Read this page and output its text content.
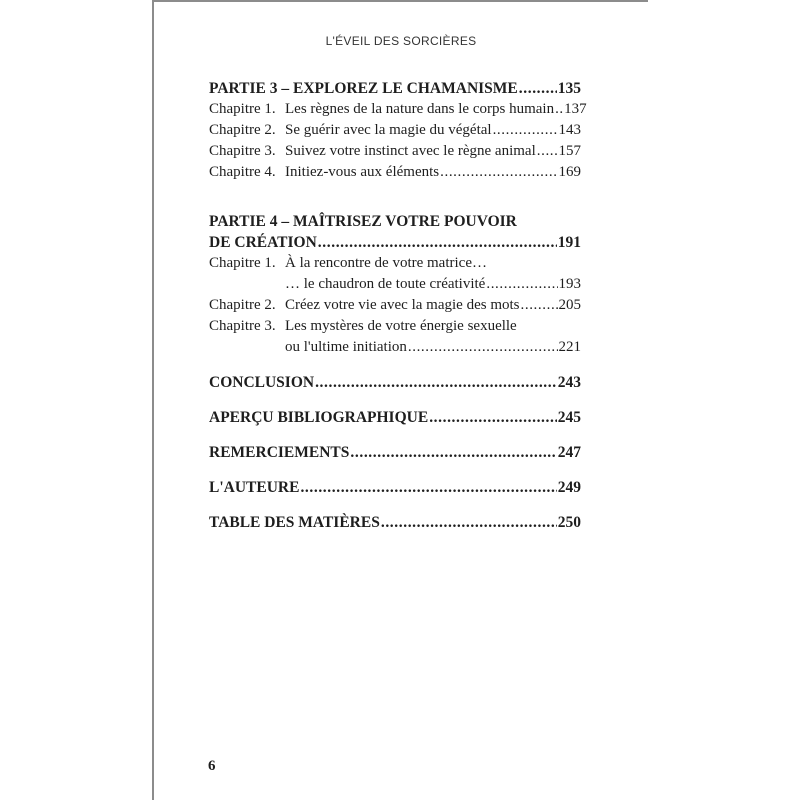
L'ÉVEIL DES SORCIÈRES
PARTIE 3 – EXPLOREZ LE CHAMANISME .....	135
Chapitre 1. Les règnes de la nature dans le corps humain ..... 137
Chapitre 2. Se guérir avec la magie du végétal .....	143
Chapitre 3. Suivez votre instinct avec le règne animal ..... 157
Chapitre 4. Initiez-vous aux éléments .....	169
PARTIE 4 – MAÎTRISEZ VOTRE POUVOIR
DE CRÉATION .....	191
Chapitre 1. À la rencontre de votre matrice…
… le chaudron de toute créativité .....	193
Chapitre 2. Créez votre vie avec la magie des mots .....	205
Chapitre 3. Les mystères de votre énergie sexuelle
ou l'ultime initiation .....	221
CONCLUSION .....	243
APERÇU BIBLIOGRAPHIQUE .....	245
REMERCIEMENTS .....	247
L'AUTEURE .....	249
TABLE DES MATIÈRES .....	250
6
